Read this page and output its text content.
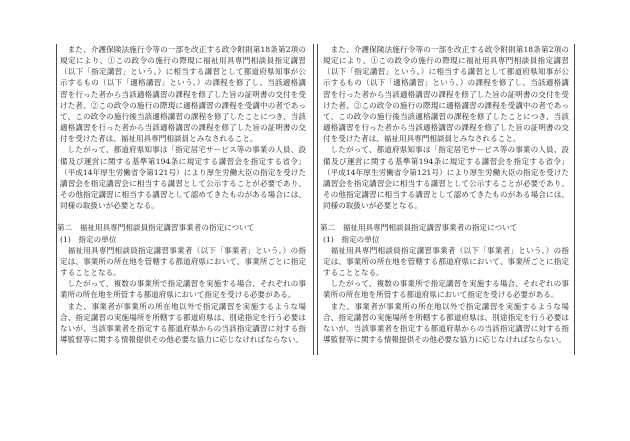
また、介護保険法施行令等の一部を改正する政令附則第18条第2項の規定により、①この政令の施行の際現に福祉用具専門相談員指定講習（以下「指定講習」という。）に相当する講習として都道府県知事が公示するもの（以下「適格講習」という。）の課程を修了し、当該適格講習を行った者から当該適格講習の課程を修了した旨の証明書の交付を受けた者、②この政令の施行の際現に適格講習の課程を受講中の者であって、この政令の施行後当該適格講習の課程を修了したことにつき、当該適格講習を行った者から当該適格講習の課程を修了した旨の証明書の交付を受けた者は、福祉用具専門相談員とみなされること。

したがって、都道府県知事は「指定居宅サービス等の事業の人員、設備及び運営に関する基準第194条に規定する講習会を指定する省令」（平成14年厚生労働省令第121号）により厚生労働大臣の指定を受けた講習会を指定講習会に相当する講習として公示することが必要であり、その他指定講習に相当する講習として認めてきたものがある場合には、同様の取扱いが必要となる。

第二　福祉用具専門相談員指定講習事業者の指定について

(1)　指定の単位

福祉用具専門相談員指定講習事業者（以下「事業者」という。）の指定は、事業所の所在地を管轄する都道府県において、事業所ごとに指定することとなる。

したがって、複数の事業所で指定講習を実施する場合、それぞれの事業所の所在地を所管する都道府県において指定を受ける必要がある。

また、事業者が事業所の所在地以外で指定講習を実施するような場合、指定講習の実施場所を所轄する都道府県は、別途指定を行う必要はないが、当該事業者を指定する都道府県からの当該指定講習に対する指導監督等に関する情報提供その他必要な協力に応じなければならない。

また、介護保険法施行令等の一部を改正する政令附則第18条第2項の規定により、①この政令の施行の際現に福祉用具専門相談員指定講習（以下「指定講習」という。）に相当する講習として都道府県知事が公示するもの（以下「適格講習」という。）の課程を修了し、当該適格講習を行った者から当該適格講習の課程を修了した旨の証明書の交付を受けた者、②この政令の施行の際現に適格講習の課程を受講中の者であって、この政令の施行後当該適格講習の課程を修了したことにつき、当該適格講習を行った者から当該適格講習の課程を修了した旨の証明書の交付を受けた者は、福祉用具専門相談員とみなされること。

したがって、都道府県知事は「指定居宅サービス等の事業の人員、設備及び運営に関する基準第194条に規定する講習会を指定する省令」（平成14年厚生労働省令第121号）により厚生労働大臣の指定を受けた講習会を指定講習会に相当する講習として公示することが必要であり、その他指定講習に相当する講習として認めてきたものがある場合には、同様の取扱いが必要となる。

第二　福祉用具専門相談員指定講習事業者の指定について

(1)　指定の単位

福祉用具専門相談員指定講習事業者（以下「事業者」という。）の指定は、事業所の所在地を管轄する都道府県において、事業所ごとに指定することとなる。

したがって、複数の事業所で指定講習を実施する場合、それぞれの事業所の所在地を所管する都道府県において指定を受ける必要がある。

また、事業者が事業所の所在地以外で指定講習を実施するような場合、指定講習の実施場所を所轄する都道府県は、別途指定を行う必要はないが、当該事業者を指定する都道府県からの当該指定講習に対する指導監督等に関する情報提供その他必要な協力に応じなければならない。
